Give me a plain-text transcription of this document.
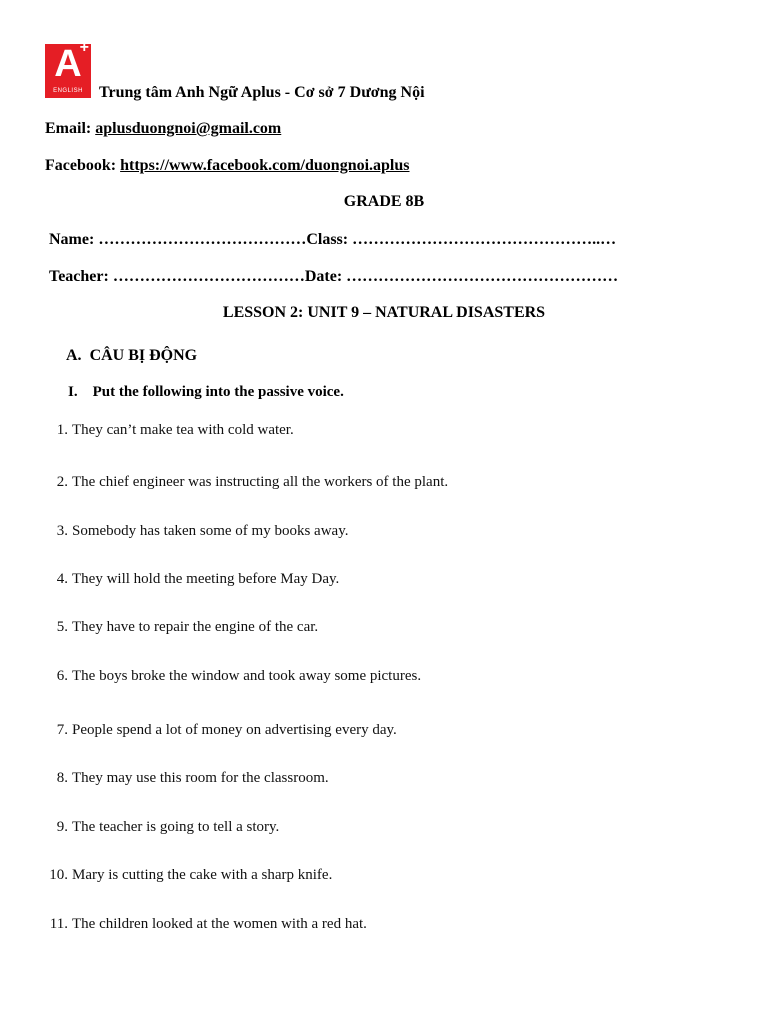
A
+
ENGLISH	Trung tâm Anh Ngữ Aplus - Cơ sở 7 Dương Nội
Email: aplusduongnoi@gmail.com
Facebook: https://www.facebook.com/duongnoi.aplus
GRADE 8B
Name: …………………………………Class: ………………………………………..…
Teacher: ………………………………Date: ……………………………………………
LESSON 2: UNIT 9 – NATURAL DISASTERS
A. CÂU BỊ ĐỘNG
I. Put the following into the passive voice.
1. They can’t make tea with cold water.
2. The chief engineer was instructing all the workers of the plant.
3. Somebody has taken some of my books away.
4. They will hold the meeting before May Day.
5. They have to repair the engine of the car.
6. The boys broke the window and took away some pictures.
7. People spend a lot of money on advertising every day.
8. They may use this room for the classroom.
9. The teacher is going to tell a story.
10. Mary is cutting the cake with a sharp knife.
11. The children looked at the women with a red hat.
